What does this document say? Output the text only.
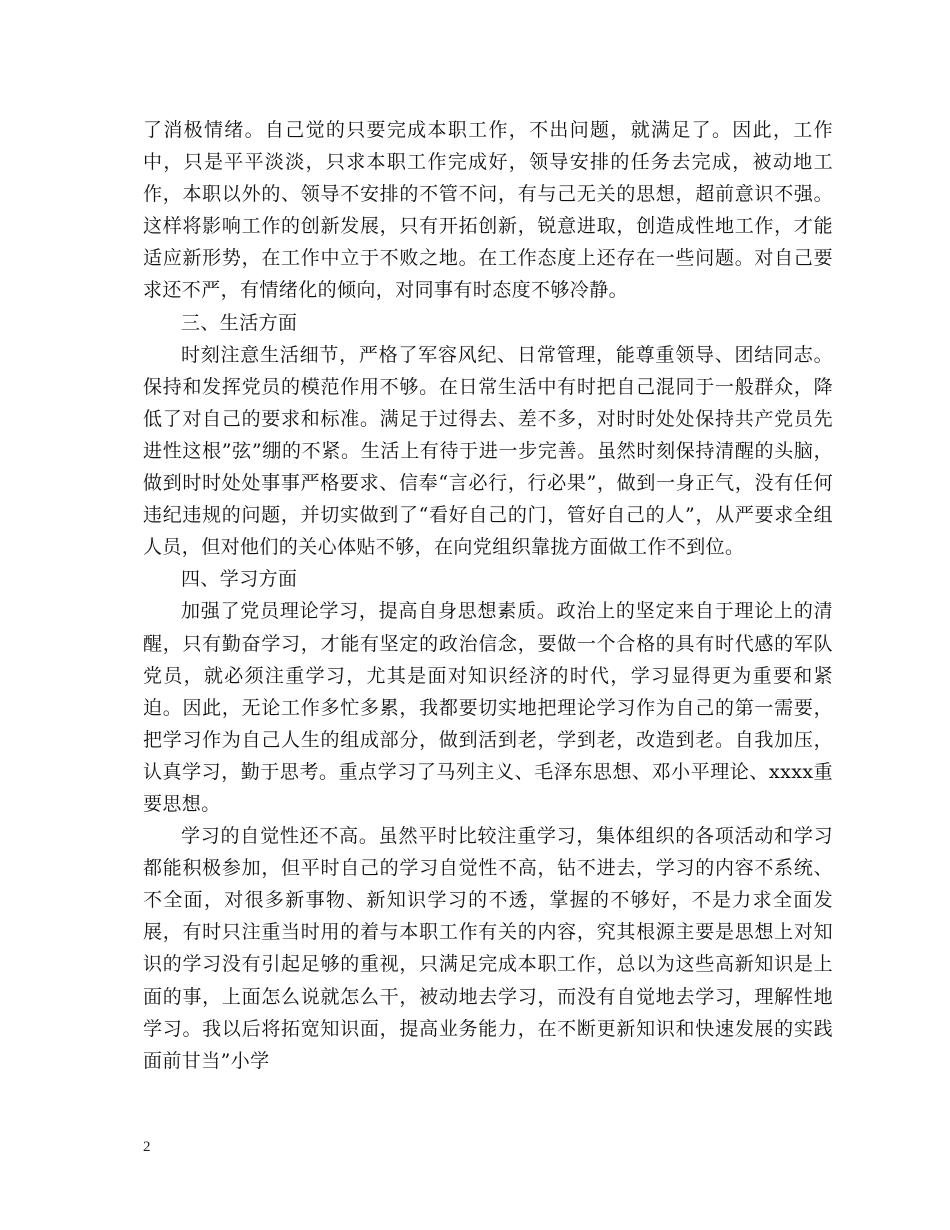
了消极情绪。自己觉的只要完成本职工作，不出问题，就满足了。因此，工作中，只是平平淡淡，只求本职工作完成好，领导安排的任务去完成，被动地工作，本职以外的、领导不安排的不管不问，有与己无关的思想，超前意识不强。这样将影响工作的创新发展，只有开拓创新，锐意进取，创造成性地工作，才能适应新形势，在工作中立于不败之地。在工作态度上还存在一些问题。对自己要求还不严，有情绪化的倾向，对同事有时态度不够冷静。

三、生活方面

时刻注意生活细节，严格了军容风纪、日常管理，能尊重领导、团结同志。保持和发挥党员的模范作用不够。在日常生活中有时把自己混同于一般群众，降低了对自己的要求和标准。满足于过得去、差不多，对时时处处保持共产党员先进性这根”弦”绷的不紧。生活上有待于进一步完善。虽然时刻保持清醒的头脑，做到时时处处事事严格要求、信奉“言必行，行必果”，做到一身正气，没有任何违纪违规的问题，并切实做到了“看好自己的门，管好自己的人”，从严要求全组人员，但对他们的关心体贴不够，在向党组织靠拢方面做工作不到位。

四、学习方面

加强了党员理论学习，提高自身思想素质。政治上的坚定来自于理论上的清醒，只有勤奋学习，才能有坚定的政治信念，要做一个合格的具有时代感的军队党员，就必须注重学习，尤其是面对知识经济的时代，学习显得更为重要和紧迫。因此，无论工作多忙多累，我都要切实地把理论学习作为自己的第一需要，把学习作为自己人生的组成部分，做到活到老，学到老，改造到老。自我加压，认真学习，勤于思考。重点学习了马列主义、毛泽东思想、邓小平理论、xxxx重要思想。

学习的自觉性还不高。虽然平时比较注重学习，集体组织的各项活动和学习都能积极参加，但平时自己的学习自觉性不高，钻不进去，学习的内容不系统、不全面，对很多新事物、新知识学习的不透，掌握的不够好，不是力求全面发展，有时只注重当时用的着与本职工作有关的内容，究其根源主要是思想上对知识的学习没有引起足够的重视，只满足完成本职工作，总以为这些高新知识是上面的事，上面怎么说就怎么干，被动地去学习，而没有自觉地去学习，理解性地学习。我以后将拓宽知识面，提高业务能力，在不断更新知识和快速发展的实践面前甘当”小学

2
